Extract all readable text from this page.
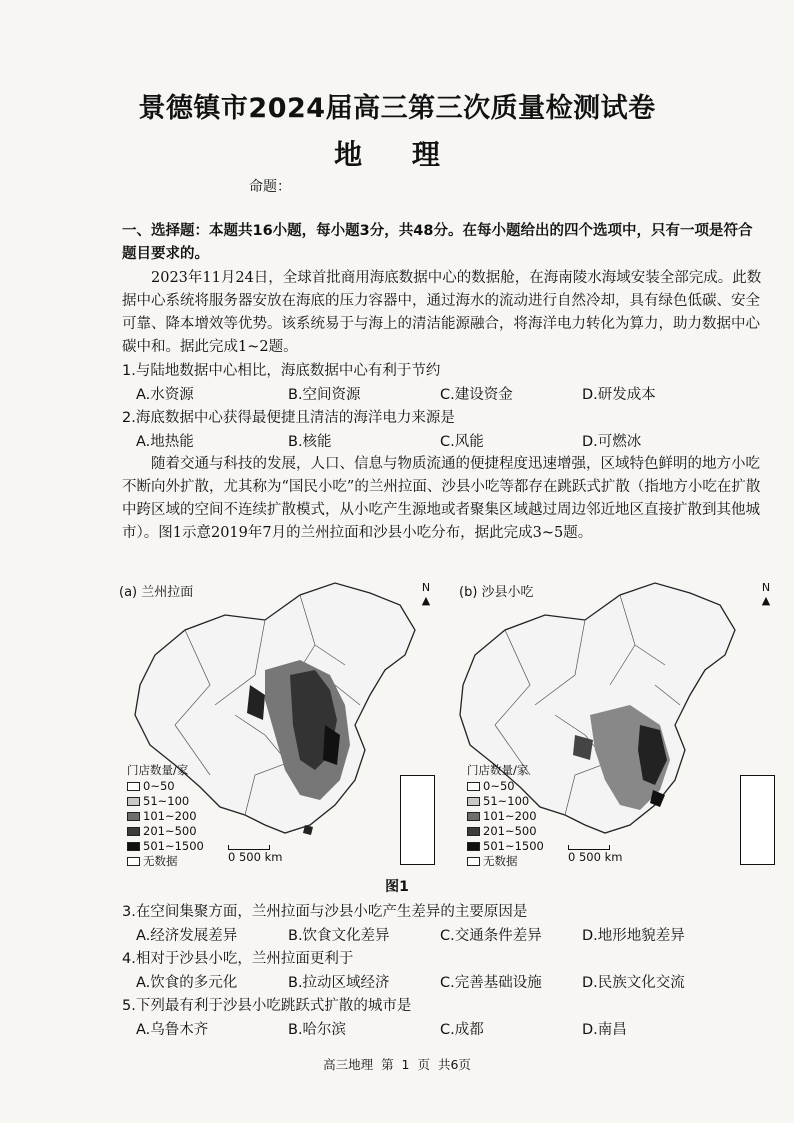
景德镇市2024届高三第三次质量检测试卷
地 理
命题：
一、选择题：本题共16小题，每小题3分，共48分。在每小题给出的四个选项中，只有一项是符合题目要求的。
2023年11月24日，全球首批商用海底数据中心的数据舱，在海南陵水海域安装全部完成。此数据中心系统将服务器安放在海底的压力容器中，通过海水的流动进行自然冷却，具有绿色低碳、安全可靠、降本增效等优势。该系统易于与海上的清洁能源融合，将海洋电力转化为算力，助力数据中心碳中和。据此完成1~2题。
1.与陆地数据中心相比，海底数据中心有利于节约
A.水资源	B.空间资源	C.建设资金	D.研发成本
2.海底数据中心获得最便捷且清洁的海洋电力来源是
A.地热能	B.核能	C.风能	D.可燃冰
随着交通与科技的发展，人口、信息与物质流通的便捷程度迅速增强，区域特色鲜明的地方小吃不断向外扩散，尤其称为“国民小吃”的兰州拉面、沙县小吃等都存在跳跃式扩散（指地方小吃在扩散中跨区域的空间不连续扩散模式，从小吃产生源地或者聚集区域越过周边邻近地区直接扩散到其他城市）。图1示意2019年7月的兰州拉面和沙县小吃分布，据此完成3~5题。
(a) 兰州拉面	N
▲
门店数量/家
0~50
51~100
101~200
201~500
501~1500
无数据	0 500 km
(b) 沙县小吃	N
▲
门店数量/家
0~50
51~100
101~200
201~500
501~1500
无数据	0 500 km
图1
3.在空间集聚方面，兰州拉面与沙县小吃产生差异的主要原因是
A.经济发展差异	B.饮食文化差异	C.交通条件差异	D.地形地貌差异
4.相对于沙县小吃，兰州拉面更利于
A.饮食的多元化	B.拉动区域经济	C.完善基础设施	D.民族文化交流
5.下列最有利于沙县小吃跳跃式扩散的城市是
A.乌鲁木齐	B.哈尔滨	C.成都	D.南昌
高三地理 第 1 页 共6页
